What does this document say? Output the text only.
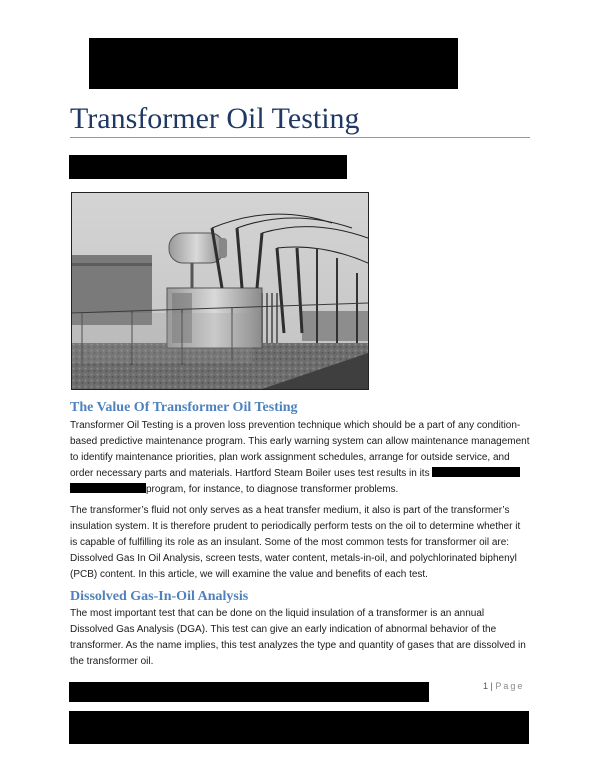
Transformer Oil Testing
The Value Of Transformer Oil Testing
Transformer Oil Testing is a proven loss prevention technique which should be a part of any condition-
based predictive maintenance program. This early warning system can allow maintenance management
to identify maintenance priorities, plan work assignment schedules, arrange for outside service, and
order necessary parts and materials. Hartford Steam Boiler uses test results in its
program, for instance, to diagnose transformer problems.
The transformer’s fluid not only serves as a heat transfer medium, it also is part of the transformer’s
insulation system. It is therefore prudent to periodically perform tests on the oil to determine whether it
is capable of fulfilling its role as an insulant. Some of the most common tests for transformer oil are:
Dissolved Gas In Oil Analysis, screen tests, water content, metals-in-oil, and polychlorinated biphenyl
(PCB) content. In this article, we will examine the value and benefits of each test.
Dissolved Gas-In-Oil Analysis
The most important test that can be done on the liquid insulation of a transformer is an annual
Dissolved Gas Analysis (DGA). This test can give an early indication of abnormal behavior of the
transformer. As the name implies, this test analyzes the type and quantity of gases that are dissolved in
the transformer oil.
1 | Page
